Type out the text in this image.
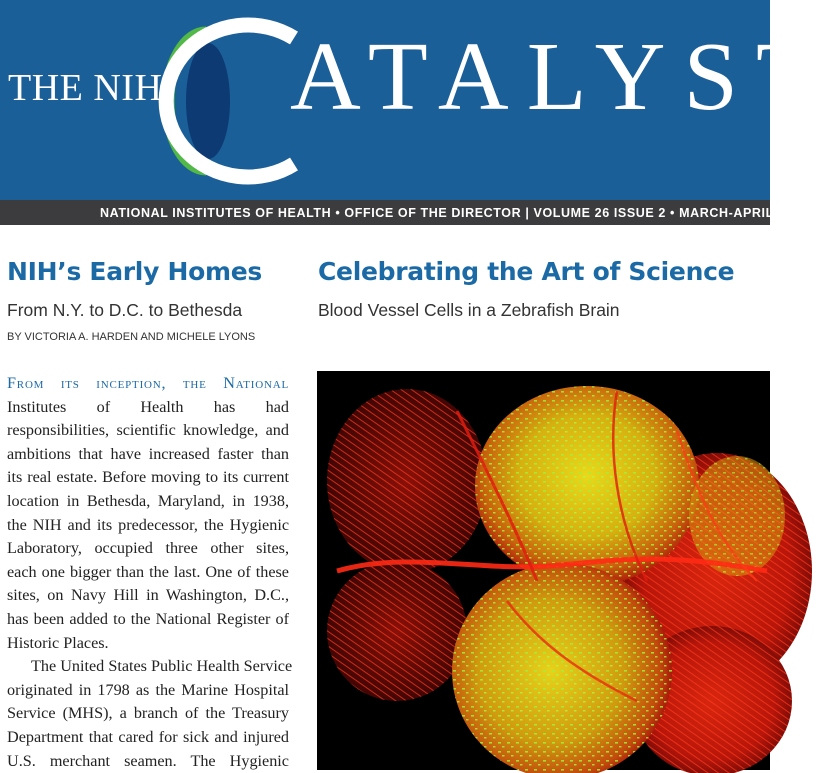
THE NIH ATALYST
NATIONAL INSTITUTES OF HEALTH • OFFICE OF THE DIRECTOR | VOLUME 26 ISSUE 2 • MARCH-APRIL
NIH’s Early Homes
From N.Y. to D.C. to Bethesda
BY VICTORIA A. HARDEN AND MICHELE LYONS
From its inception, the National
Institutes of Health has had
responsibilities, scientific knowledge, and
ambitions that have increased faster than
its real estate. Before moving to its current
location in Bethesda, Maryland, in 1938,
the NIH and its predecessor, the Hygienic
Laboratory, occupied three other sites,
each one bigger than the last. One of these
sites, on Navy Hill in Washington, D.C.,
has been added to the National Register of
Historic Places.
The United States Public Health Service
originated in 1798 as the Marine Hospital
Service (MHS), a branch of the Treasury
Department that cared for sick and injured
U.S. merchant seamen. The Hygienic
Celebrating the Art of Science
Blood Vessel Cells in a Zebrafish Brain
